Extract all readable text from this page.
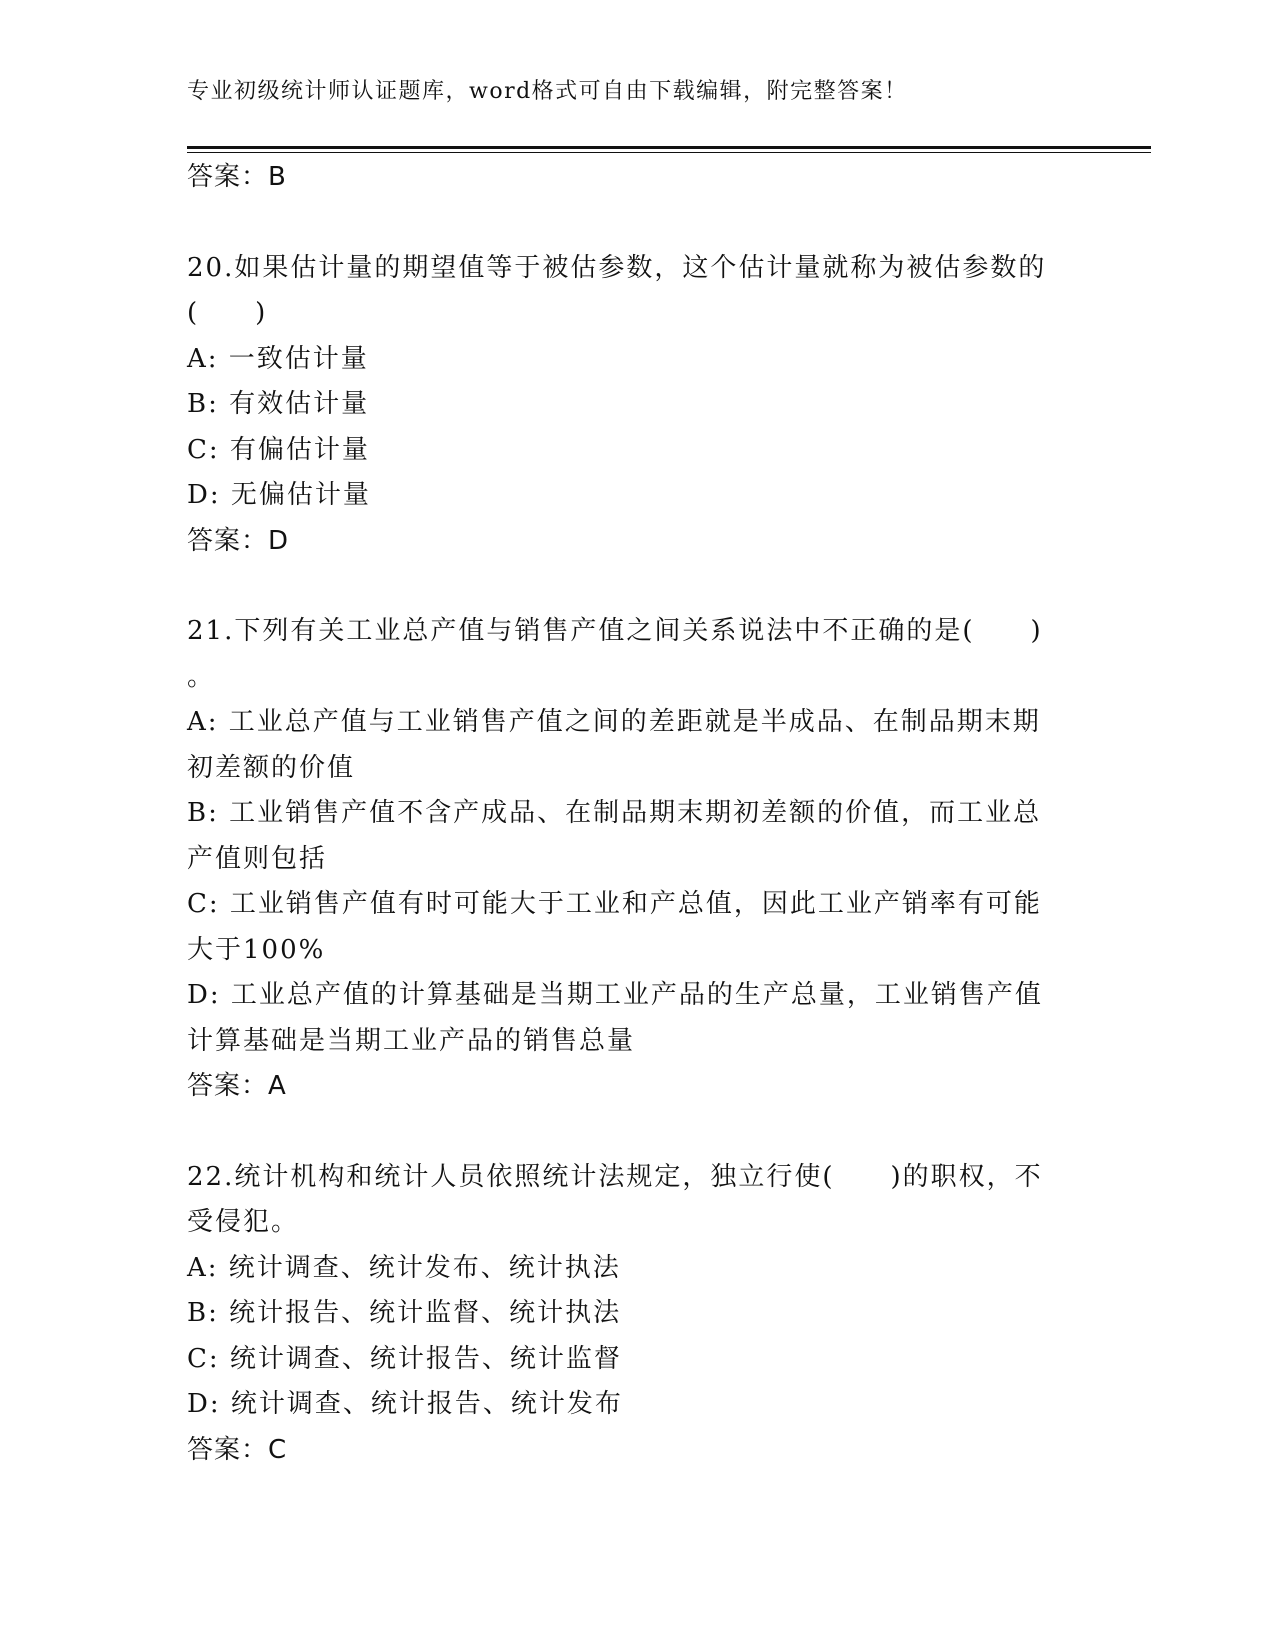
专业初级统计师认证题库，word格式可自由下载编辑，附完整答案！
答案：B
20.如果估计量的期望值等于被估参数，这个估计量就称为被估参数的
(　　)
A: 一致估计量
B: 有效估计量
C: 有偏估计量
D: 无偏估计量
答案：D
21.下列有关工业总产值与销售产值之间关系说法中不正确的是(　　)
。
A: 工业总产值与工业销售产值之间的差距就是半成品、在制品期末期
初差额的价值
B: 工业销售产值不含产成品、在制品期末期初差额的价值，而工业总
产值则包括
C: 工业销售产值有时可能大于工业和产总值，因此工业产销率有可能
大于100%
D: 工业总产值的计算基础是当期工业产品的生产总量，工业销售产值
计算基础是当期工业产品的销售总量
答案：A
22.统计机构和统计人员依照统计法规定，独立行使(　　)的职权，不
受侵犯。
A: 统计调查、统计发布、统计执法
B: 统计报告、统计监督、统计执法
C: 统计调查、统计报告、统计监督
D: 统计调查、统计报告、统计发布
答案：C
